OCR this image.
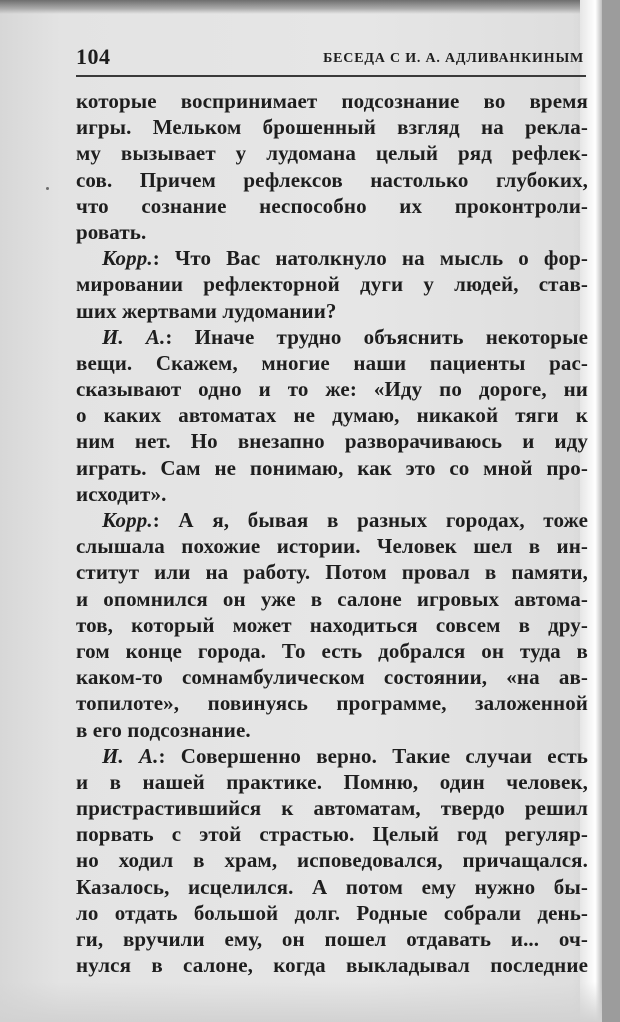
104	БЕСЕДА С И. А. АДЛИВАНКИНЫМ
которые воспринимает подсознание во время
игры. Мельком брошенный взгляд на рекла-
му вызывает у лудомана целый ряд рефлек-
сов. Причем рефлексов настолько глубоких,
что сознание неспособно их проконтроли-
ровать.
Корр.: Что Вас натолкнуло на мысль о фор-
мировании рефлекторной дуги у людей, став-
ших жертвами лудомании?
И. А.: Иначе трудно объяснить некоторые
вещи. Скажем, многие наши пациенты рас-
сказывают одно и то же: «Иду по дороге, ни
о каких автоматах не думаю, никакой тяги к
ним нет. Но внезапно разворачиваюсь и иду
играть. Сам не понимаю, как это со мной про-
исходит».
Корр.: А я, бывая в разных городах, тоже
слышала похожие истории. Человек шел в ин-
ститут или на работу. Потом провал в памяти,
и опомнился он уже в салоне игровых автома-
тов, который может находиться совсем в дру-
гом конце города. То есть добрался он туда в
каком-то сомнамбулическом состоянии, «на ав-
топилоте», повинуясь программе, заложенной
в его подсознание.
И. А.: Совершенно верно. Такие случаи есть
и в нашей практике. Помню, один человек,
пристрастившийся к автоматам, твердо решил
порвать с этой страстью. Целый год регуляр-
но ходил в храм, исповедовался, причащался.
Казалось, исцелился. А потом ему нужно бы-
ло отдать большой долг. Родные собрали день-
ги, вручили ему, он пошел отдавать и... оч-
нулся в салоне, когда выкладывал последние
